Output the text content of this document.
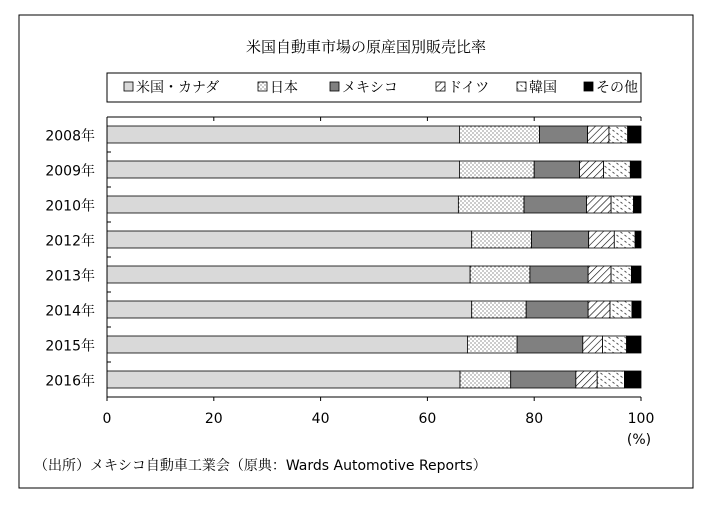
米国自動車市場の原産国別販売比率
米国・カナダ	日本	メキシコ	ドイツ	韓国	その他
2008年
2009年
2010年
2012年
2013年
2014年
2015年
2016年
0	20	40	60	80	100
(%)
（出所）メキシコ自動車工業会（原典：Wards Automotive Reports）
